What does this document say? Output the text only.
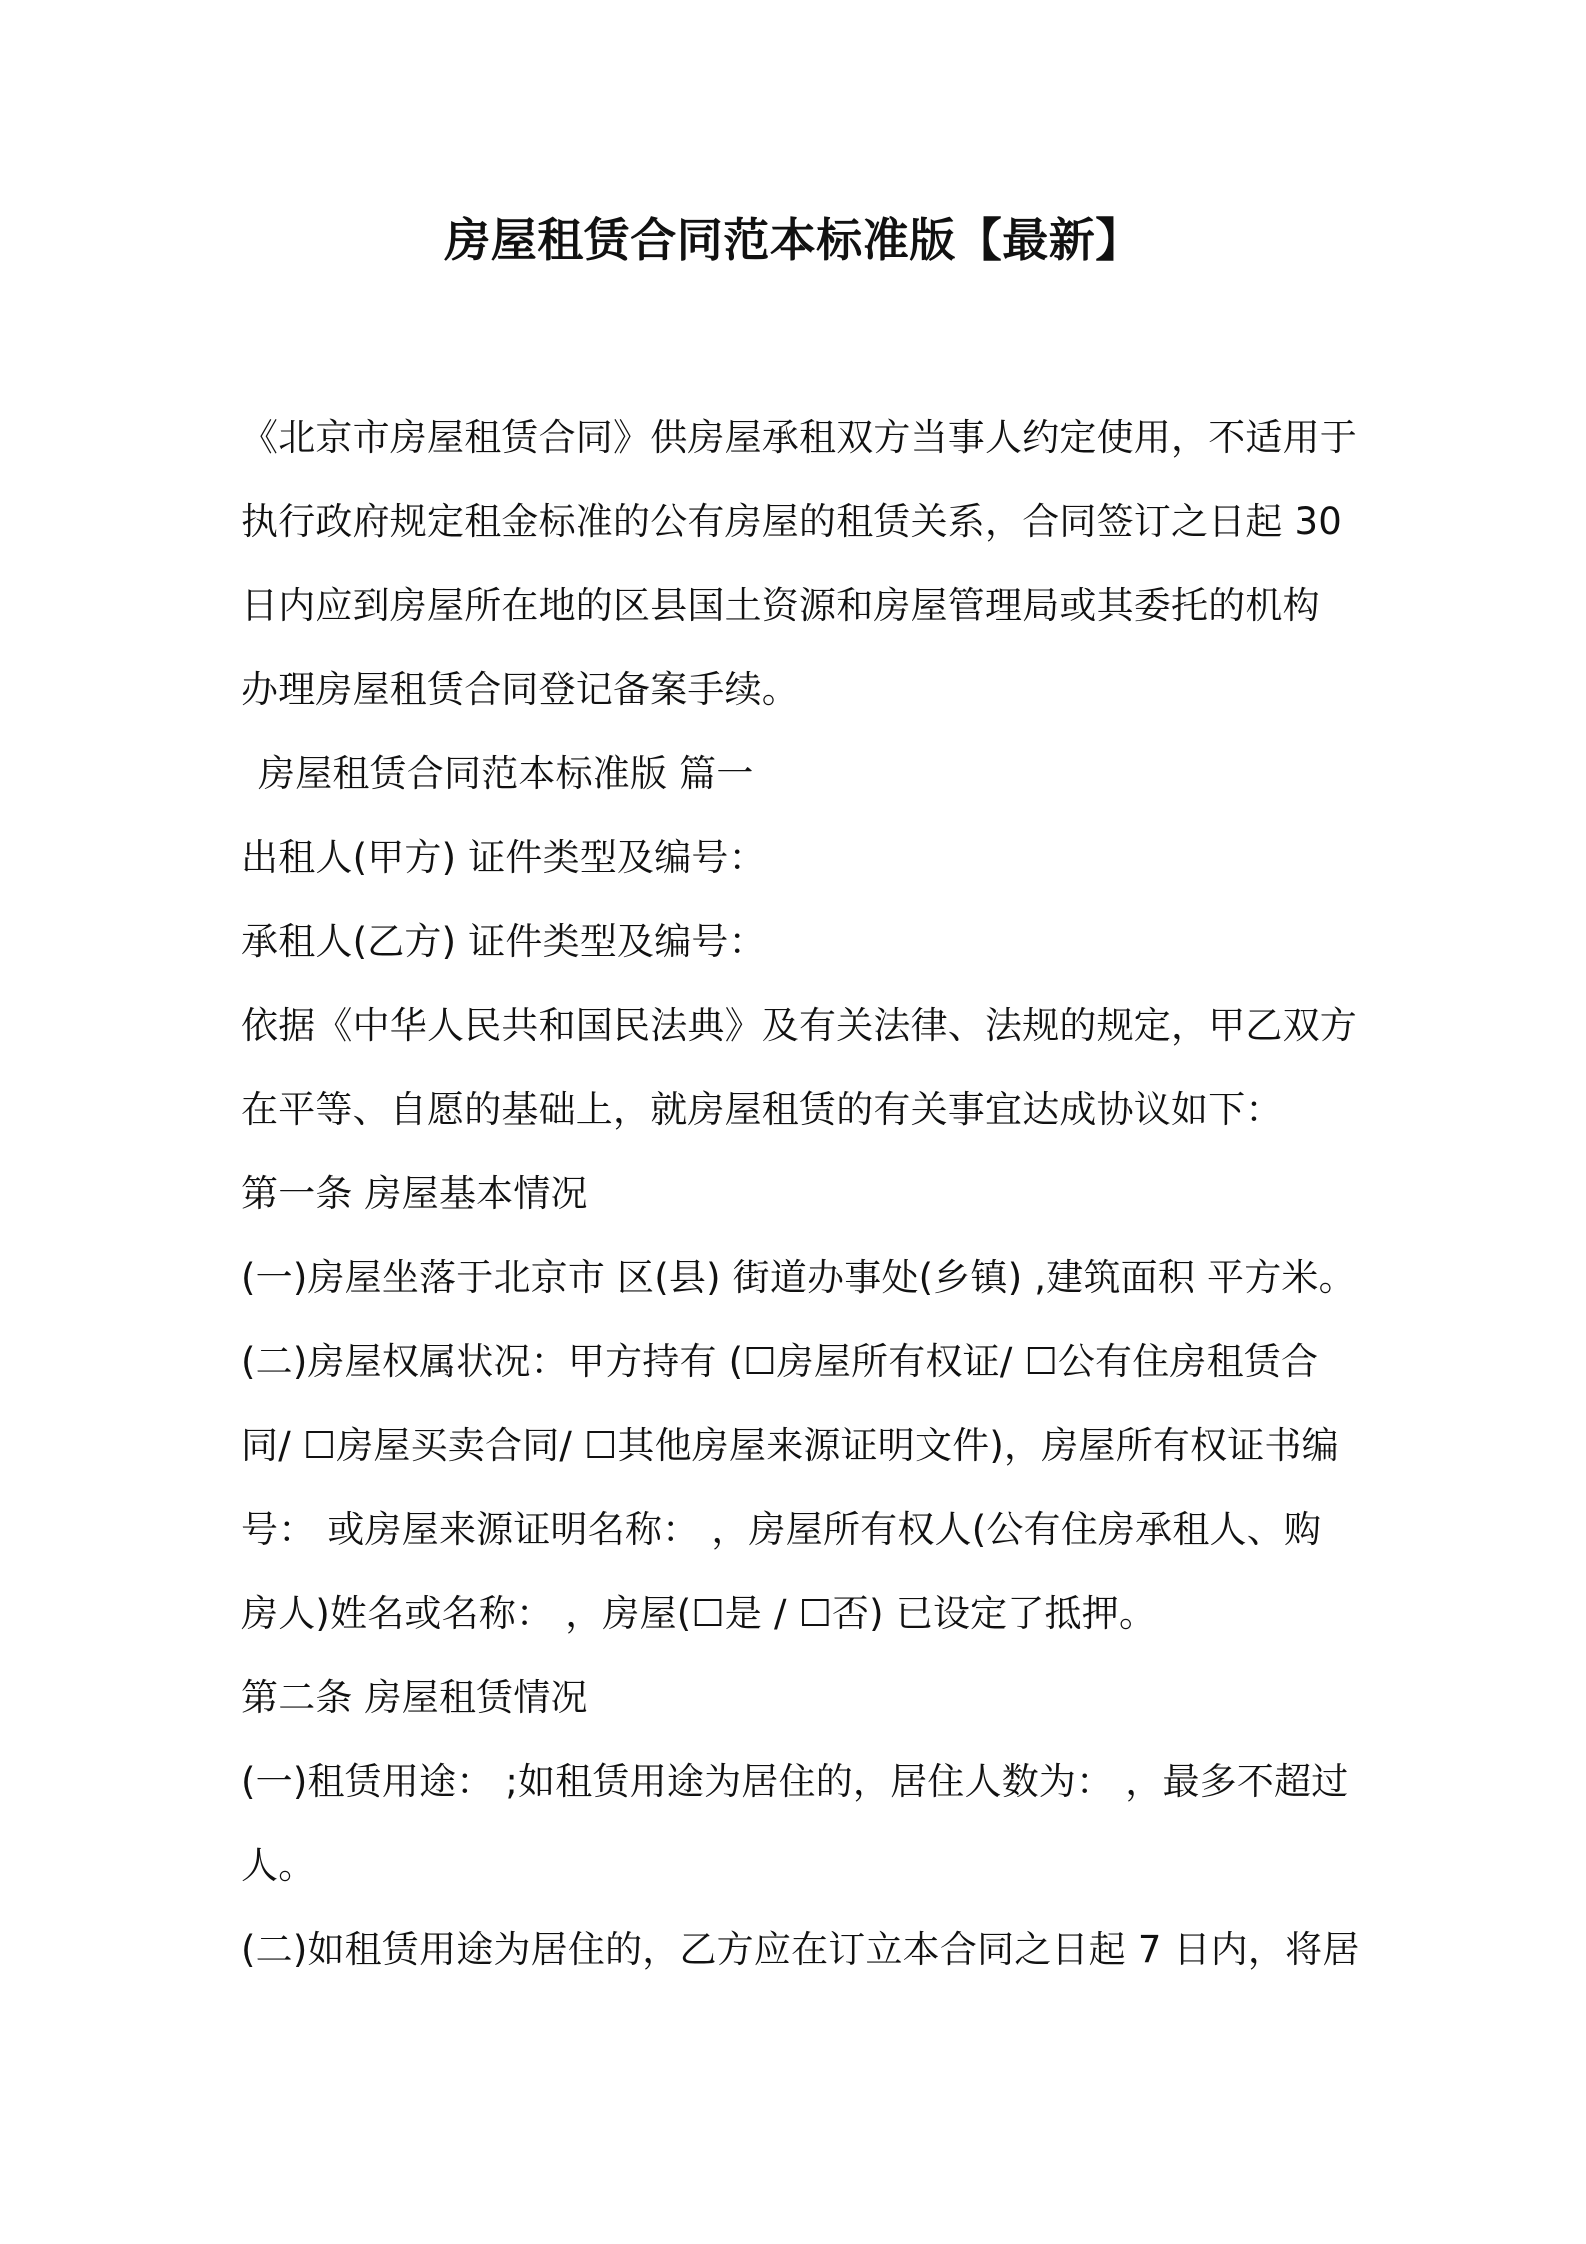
房屋租赁合同范本标准版【最新】
《北京市房屋租赁合同》供房屋承租双方当事人约定使用，不适用于
执行政府规定租金标准的公有房屋的租赁关系，合同签订之日起 30
日内应到房屋所在地的区县国土资源和房屋管理局或其委托的机构
办理房屋租赁合同登记备案手续。
房屋租赁合同范本标准版 篇一
出租人(甲方) 证件类型及编号：
承租人(乙方) 证件类型及编号：
依据《中华人民共和国民法典》及有关法律、法规的规定，甲乙双方
在平等、自愿的基础上，就房屋租赁的有关事宜达成协议如下：
第一条 房屋基本情况
(一)房屋坐落于北京市 区(县) 街道办事处(乡镇) ,建筑面积 平方米。
(二)房屋权属状况：甲方持有 (☐房屋所有权证/ ☐公有住房租赁合
同/ ☐房屋买卖合同/ ☐其他房屋来源证明文件)，房屋所有权证书编
号： 或房屋来源证明名称： ，房屋所有权人(公有住房承租人、购
房人)姓名或名称： ，房屋(☐是 / ☐否) 已设定了抵押。
第二条 房屋租赁情况
(一)租赁用途： ;如租赁用途为居住的，居住人数为： ，最多不超过
人。
(二)如租赁用途为居住的，乙方应在订立本合同之日起 7 日内，将居
